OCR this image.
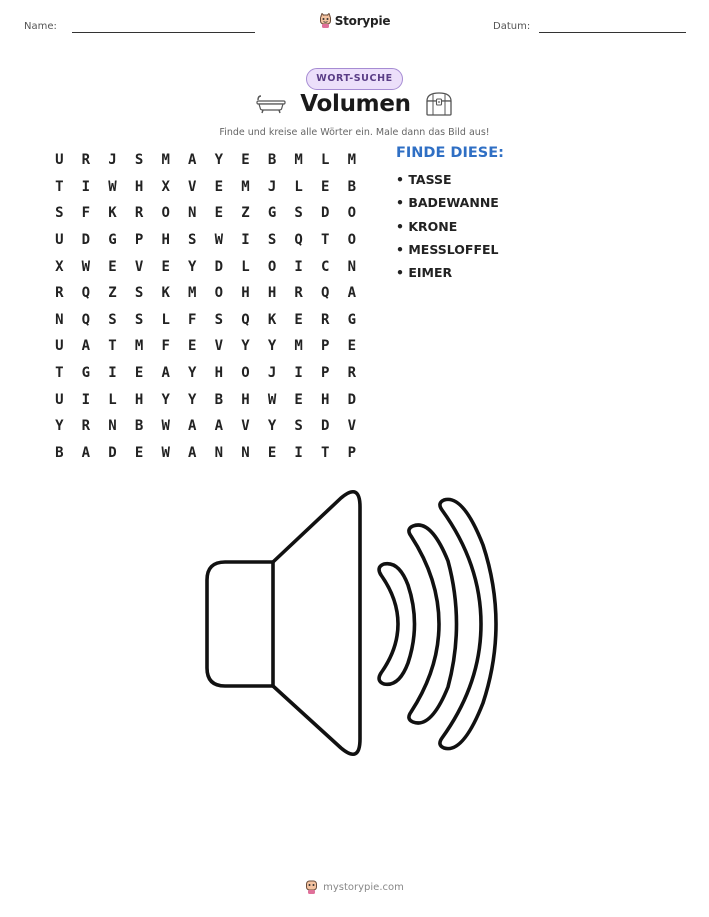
Name:	Storypie	Datum:
WORT-SUCHE
Volumen
Finde und kreise alle Wörter ein. Male dann das Bild aus!
U	R	J	S	M	A	Y	E	B	M	L	M
T	I	W	H	X	V	E	M	J	L	E	B
S	F	K	R	O	N	E	Z	G	S	D	O
U	D	G	P	H	S	W	I	S	Q	T	O
X	W	E	V	E	Y	D	L	O	I	C	N
R	Q	Z	S	K	M	O	H	H	R	Q	A
N	Q	S	S	L	F	S	Q	K	E	R	G
U	A	T	M	F	E	V	Y	Y	M	P	E
T	G	I	E	A	Y	H	O	J	I	P	R
U	I	L	H	Y	Y	B	H	W	E	H	D
Y	R	N	B	W	A	A	V	Y	S	D	V
B	A	D	E	W	A	N	N	E	I	T	P
FINDE DIESE:
• TASSE
• BADEWANNE
• KRONE
• MESSLOFFEL
• EIMER
mystorypie.com
